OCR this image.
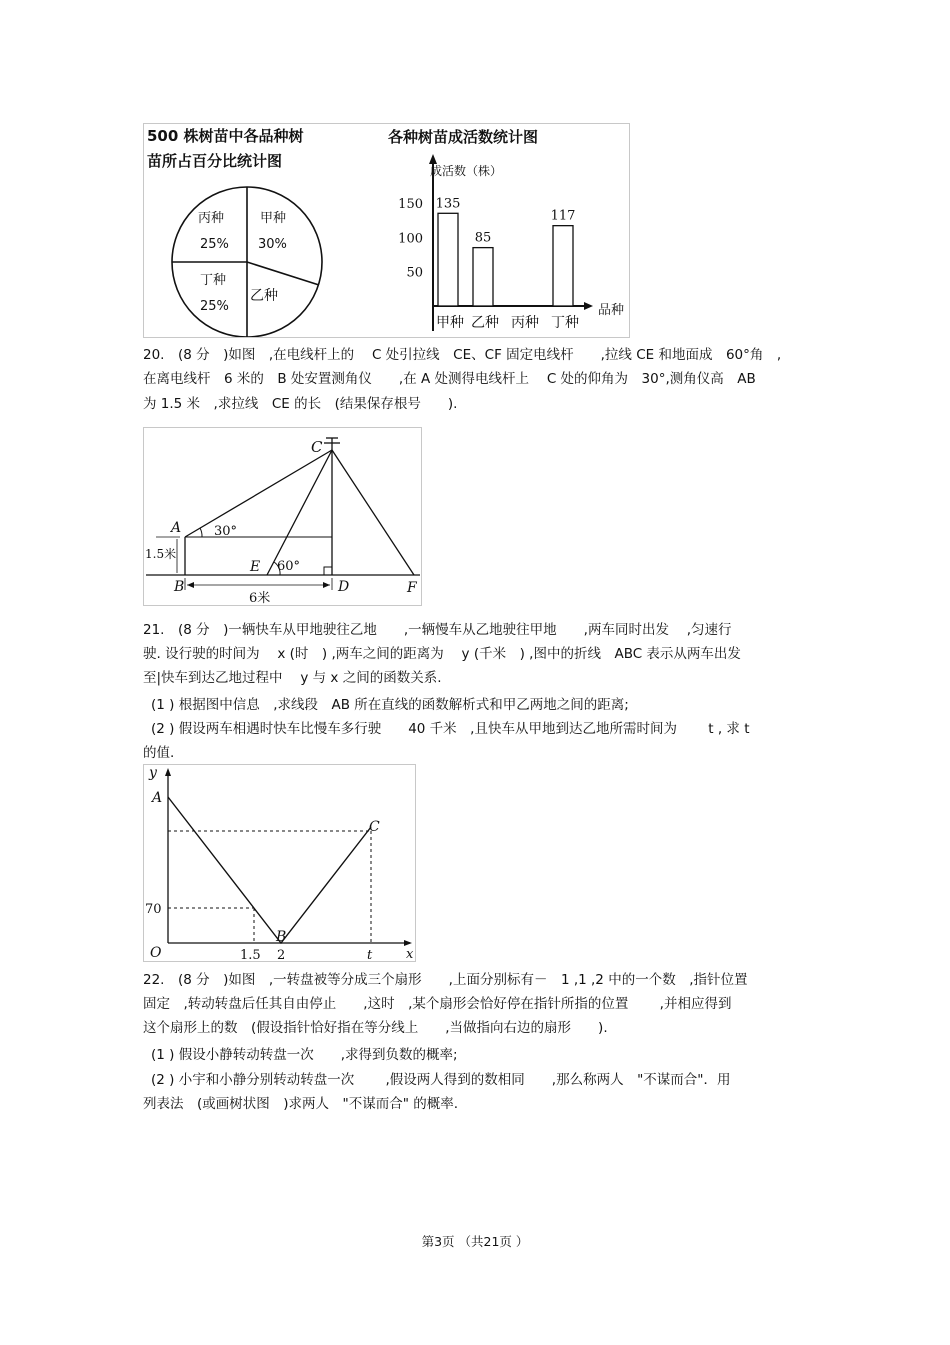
500 株树苗中各品种树
苗所占百分比统计图
丙种
25%
甲种
30%
丁种
25%
乙种
各种树苗成活数统计图
成活数（株）
品种
50
100
150 135
85
117
甲种 乙种 丙种 丁种
20.　(8 分　)如图　,在电线杆上的　 C 处引拉线　CE、CF 固定电线杆　　,拉线 CE 和地面成　60°角　,
在离电线杆　6 米的　B 处安置测角仪　　,在 A 处测得电线杆上　 C 处的仰角为　30°,测角仪高　AB
为 1.5 米　,求拉线　CE 的长　(结果保存根号　　).
C
A
B
E
D	F
30°
60°
1.5米
6米
21.　(8 分　)一辆快车从甲地驶往乙地　　,一辆慢车从乙地驶往甲地　　,两车同时出发　 ,匀速行
驶. 设行驶的时间为　 x (时　) ,两车之间的距离为　 y (千米　) ,图中的折线　ABC 表示从两车出发
至|快车到达乙地过程中　 y 与 x 之间的函数关系.
(1 ) 根据图中信息　,求线段　AB 所在直线的函数解析式和甲乙两地之间的距离;
(2 ) 假设两车相遇时快车比慢车多行驶　　40 千米　,且快车从甲地到达乙地所需时间为　　 t , 求 t
的值.
y
x
O
A
B
C
70
1.5 2	t
22.　(8 分　)如图　,一转盘被等分成三个扇形　　,上面分别标有－　1 ,1 ,2 中的一个数　,指针位置
固定　,转动转盘后任其自由停止　　,这时　,某个扇形会恰好停在指针所指的位置　　 ,并相应得到
这个扇形上的数　(假设指针恰好指在等分线上　　,当做指向右边的扇形　　).
(1 ) 假设小静转动转盘一次　　,求得到负数的概率;
(2 ) 小宇和小静分别转动转盘一次　　 ,假设两人得到的数相同　　,那么称两人　"不谋而合"．用
列表法　(或画树状图　)求两人　"不谋而合" 的概率.
第3页 （共21页 ）
